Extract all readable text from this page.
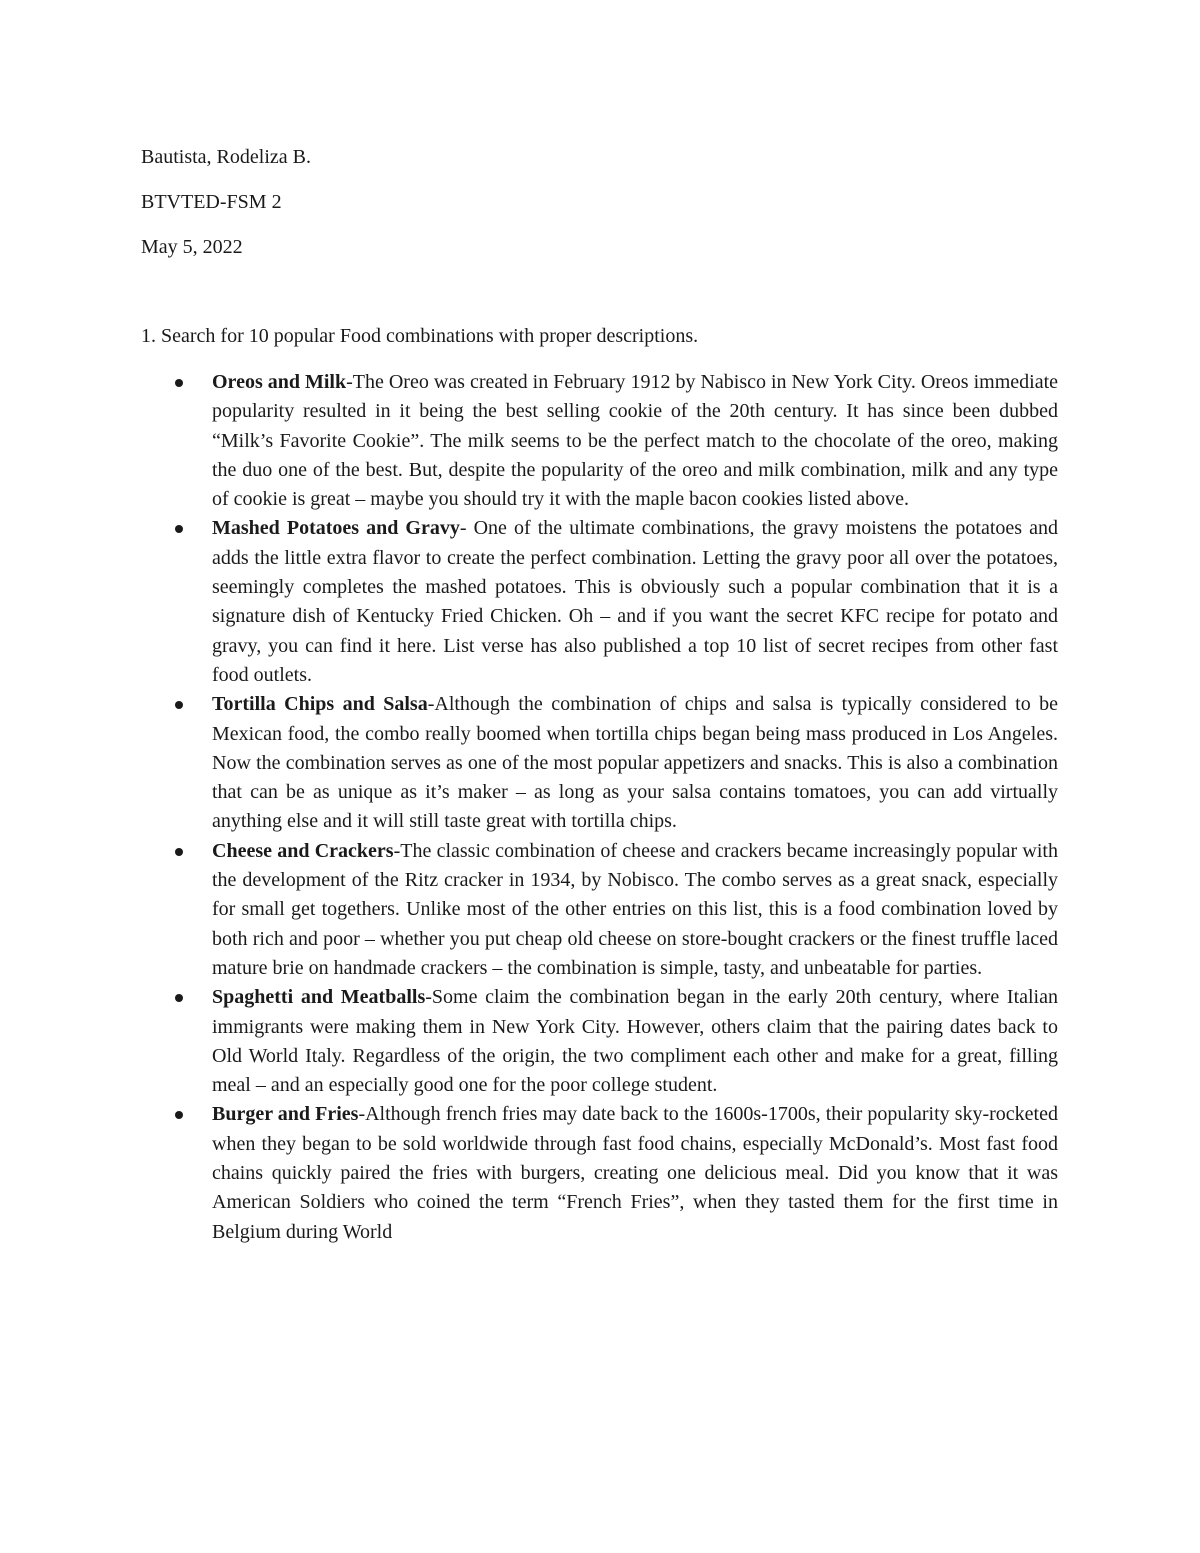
Bautista, Rodeliza B.
BTVTED-FSM 2
May 5, 2022
1. Search for 10 popular Food combinations with proper descriptions.
Oreos and Milk-The Oreo was created in February 1912 by Nabisco in New York City. Oreos immediate popularity resulted in it being the best selling cookie of the 20th century. It has since been dubbed “Milk’s Favorite Cookie”. The milk seems to be the perfect match to the chocolate of the oreo, making the duo one of the best. But, despite the popularity of the oreo and milk combination, milk and any type of cookie is great – maybe you should try it with the maple bacon cookies listed above.
Mashed Potatoes and Gravy- One of the ultimate combinations, the gravy moistens the potatoes and adds the little extra flavor to create the perfect combination. Letting the gravy poor all over the potatoes, seemingly completes the mashed potatoes. This is obviously such a popular combination that it is a signature dish of Kentucky Fried Chicken. Oh – and if you want the secret KFC recipe for potato and gravy, you can find it here. List verse has also published a top 10 list of secret recipes from other fast food outlets.
Tortilla Chips and Salsa-Although the combination of chips and salsa is typically considered to be Mexican food, the combo really boomed when tortilla chips began being mass produced in Los Angeles. Now the combination serves as one of the most popular appetizers and snacks. This is also a combination that can be as unique as it’s maker – as long as your salsa contains tomatoes, you can add virtually anything else and it will still taste great with tortilla chips.
Cheese and Crackers-The classic combination of cheese and crackers became increasingly popular with the development of the Ritz cracker in 1934, by Nobisco. The combo serves as a great snack, especially for small get togethers. Unlike most of the other entries on this list, this is a food combination loved by both rich and poor – whether you put cheap old cheese on store-bought crackers or the finest truffle laced mature brie on handmade crackers – the combination is simple, tasty, and unbeatable for parties.
Spaghetti and Meatballs-Some claim the combination began in the early 20th century, where Italian immigrants were making them in New York City. However, others claim that the pairing dates back to Old World Italy. Regardless of the origin, the two compliment each other and make for a great, filling meal – and an especially good one for the poor college student.
Burger and Fries-Although french fries may date back to the 1600s-1700s, their popularity sky-rocketed when they began to be sold worldwide through fast food chains, especially McDonald’s. Most fast food chains quickly paired the fries with burgers, creating one delicious meal. Did you know that it was American Soldiers who coined the term “French Fries”, when they tasted them for the first time in Belgium during World
